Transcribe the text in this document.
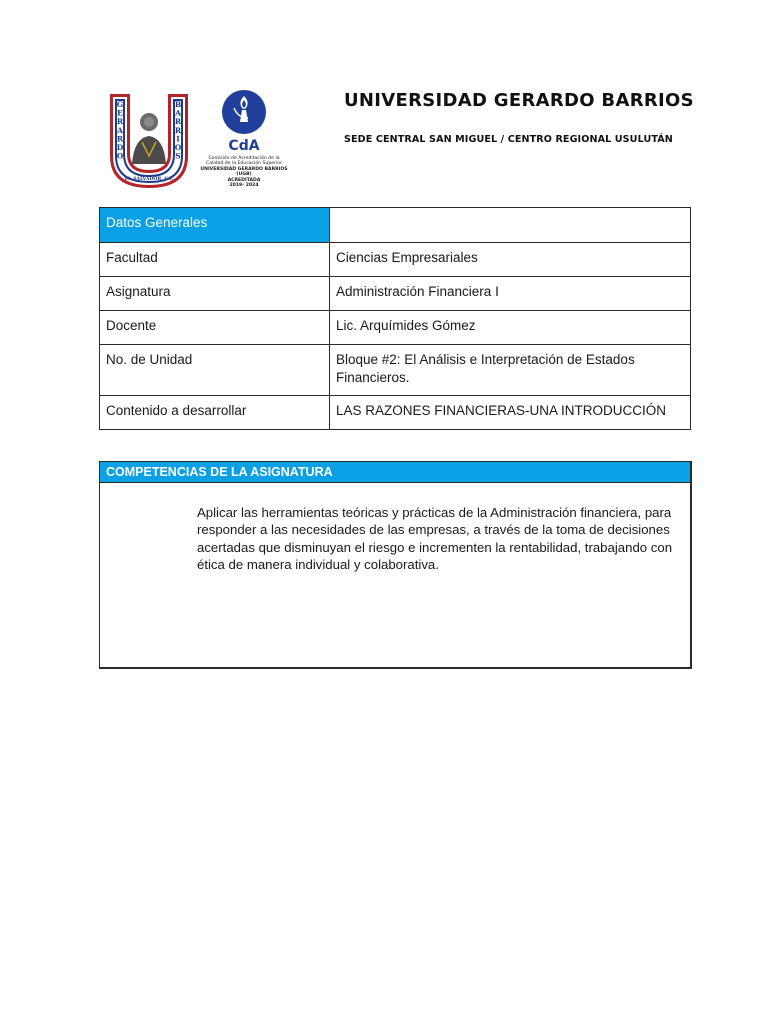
G E R A R D O
B A R R I O S
EL SALVADOR, CA.
CdA
Comisión de Acreditación de la
Calidad de la Educación Superior
UNIVERSIDAD GERARDO BARRIOS (UGB)
ACREDITADA
2019- 2024
UNIVERSIDAD GERARDO BARRIOS
SEDE CENTRAL SAN MIGUEL / CENTRO REGIONAL USULUTÁN
Datos Generales	
Facultad	Ciencias Empresariales
Asignatura	Administración Financiera I
Docente	Lic. Arquímides Gómez
No. de Unidad	Bloque #2: El Análisis e Interpretación de Estados Financieros.
Contenido a desarrollar	LAS RAZONES FINANCIERAS-UNA INTRODUCCIÓN
COMPETENCIAS DE LA ASIGNATURA
Aplicar las herramientas teóricas y prácticas de la Administración financiera, para responder a las necesidades de las empresas, a través de la toma de decisiones acertadas que disminuyan el riesgo e incrementen la rentabilidad, trabajando con ética de manera individual y colaborativa.
